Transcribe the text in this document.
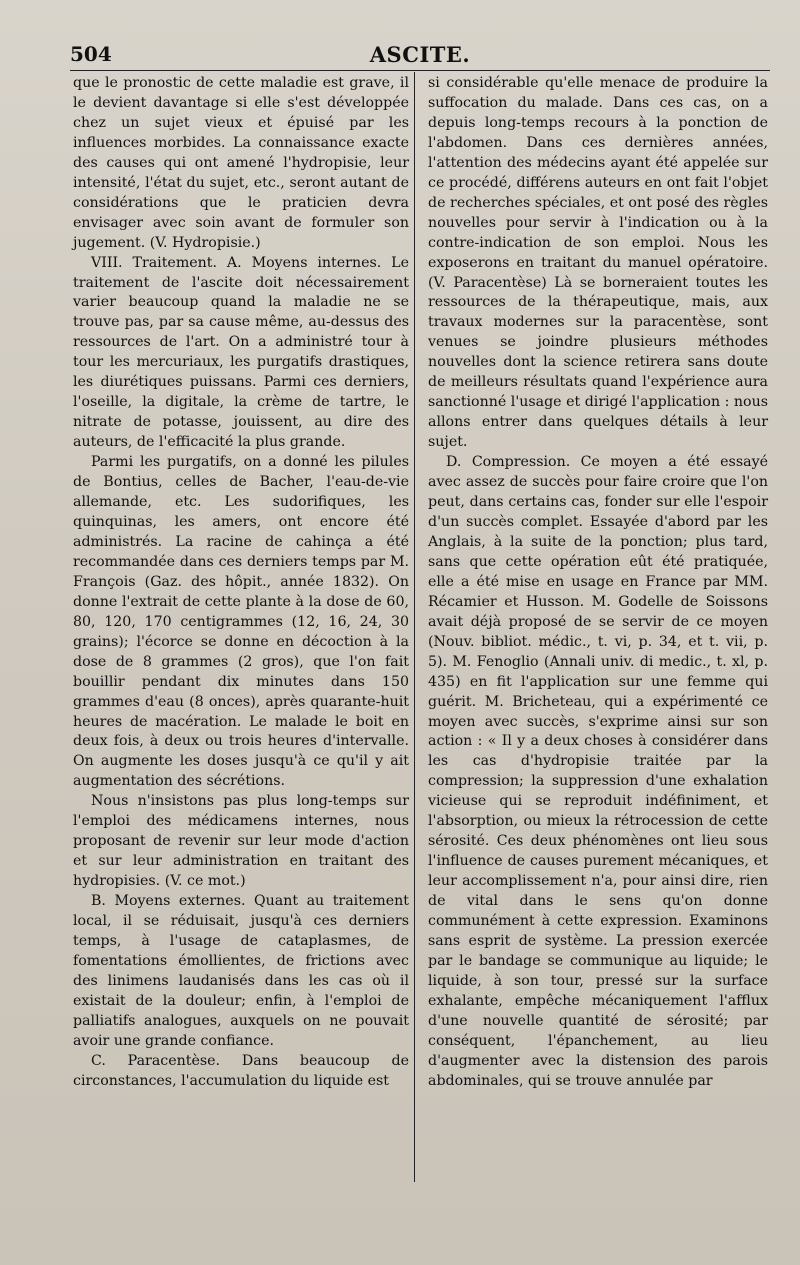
504	ASCITE.

que le pronostic de cette maladie est grave, il le devient davantage si elle s'est développée chez un sujet vieux et épuisé par les influences morbides. La connaissance exacte des causes qui ont amené l'hydropisie, leur intensité, l'état du sujet, etc., seront autant de considérations que le praticien devra envisager avec soin avant de formuler son jugement. (V. Hydropisie.)

VIII. Traitement. A. Moyens internes. Le traitement de l'ascite doit nécessairement varier beaucoup quand la maladie ne se trouve pas, par sa cause même, au-dessus des ressources de l'art. On a administré tour à tour les mercuriaux, les purgatifs drastiques, les diurétiques puissans. Parmi ces derniers, l'oseille, la digitale, la crème de tartre, le nitrate de potasse, jouissent, au dire des auteurs, de l'efficacité la plus grande.

Parmi les purgatifs, on a donné les pilules de Bontius, celles de Bacher, l'eau-de-vie allemande, etc. Les sudorifiques, les quinquinas, les amers, ont encore été administrés. La racine de cahinça a été recommandée dans ces derniers temps par M. François (Gaz. des hôpit., année 1832). On donne l'extrait de cette plante à la dose de 60, 80, 120, 170 centigrammes (12, 16, 24, 30 grains); l'écorce se donne en décoction à la dose de 8 grammes (2 gros), que l'on fait bouillir pendant dix minutes dans 150 grammes d'eau (8 onces), après quarante-huit heures de macération. Le malade le boit en deux fois, à deux ou trois heures d'intervalle. On augmente les doses jusqu'à ce qu'il y ait augmentation des sécrétions.

Nous n'insistons pas plus long-temps sur l'emploi des médicamens internes, nous proposant de revenir sur leur mode d'action et sur leur administration en traitant des hydropisies. (V. ce mot.)

B. Moyens externes. Quant au traitement local, il se réduisait, jusqu'à ces derniers temps, à l'usage de cataplasmes, de fomentations émollientes, de frictions avec des linimens laudanisés dans les cas où il existait de la douleur; enfin, à l'emploi de palliatifs analogues, auxquels on ne pouvait avoir une grande confiance.

C. Paracentèse. Dans beaucoup de circonstances, l'accumulation du liquide est

si considérable qu'elle menace de produire la suffocation du malade. Dans ces cas, on a depuis long-temps recours à la ponction de l'abdomen. Dans ces dernières années, l'attention des médecins ayant été appelée sur ce procédé, différens auteurs en ont fait l'objet de recherches spéciales, et ont posé des règles nouvelles pour servir à l'indication ou à la contre-indication de son emploi. Nous les exposerons en traitant du manuel opératoire. (V. Paracentèse) Là se borneraient toutes les ressources de la thérapeutique, mais, aux travaux modernes sur la paracentèse, sont venues se joindre plusieurs méthodes nouvelles dont la science retirera sans doute de meilleurs résultats quand l'expérience aura sanctionné l'usage et dirigé l'application : nous allons entrer dans quelques détails à leur sujet.

D. Compression. Ce moyen a été essayé avec assez de succès pour faire croire que l'on peut, dans certains cas, fonder sur elle l'espoir d'un succès complet. Essayée d'abord par les Anglais, à la suite de la ponction; plus tard, sans que cette opération eût été pratiquée, elle a été mise en usage en France par MM. Récamier et Husson. M. Godelle de Soissons avait déjà proposé de se servir de ce moyen (Nouv. bibliot. médic., t. vi, p. 34, et t. vii, p. 5). M. Fenoglio (Annali univ. di medic., t. xl, p. 435) en fit l'application sur une femme qui guérit. M. Bricheteau, qui a expérimenté ce moyen avec succès, s'exprime ainsi sur son action : « Il y a deux choses à considérer dans les cas d'hydropisie traitée par la compression; la suppression d'une exhalation vicieuse qui se reproduit indéfiniment, et l'absorption, ou mieux la rétrocession de cette sérosité. Ces deux phénomènes ont lieu sous l'influence de causes purement mécaniques, et leur accomplissement n'a, pour ainsi dire, rien de vital dans le sens qu'on donne communément à cette expression. Examinons sans esprit de système. La pression exercée par le bandage se communique au liquide; le liquide, à son tour, pressé sur la surface exhalante, empêche mécaniquement l'afflux d'une nouvelle quantité de sérosité; par conséquent, l'épanchement, au lieu d'augmenter avec la distension des parois abdominales, qui se trouve annulée par
